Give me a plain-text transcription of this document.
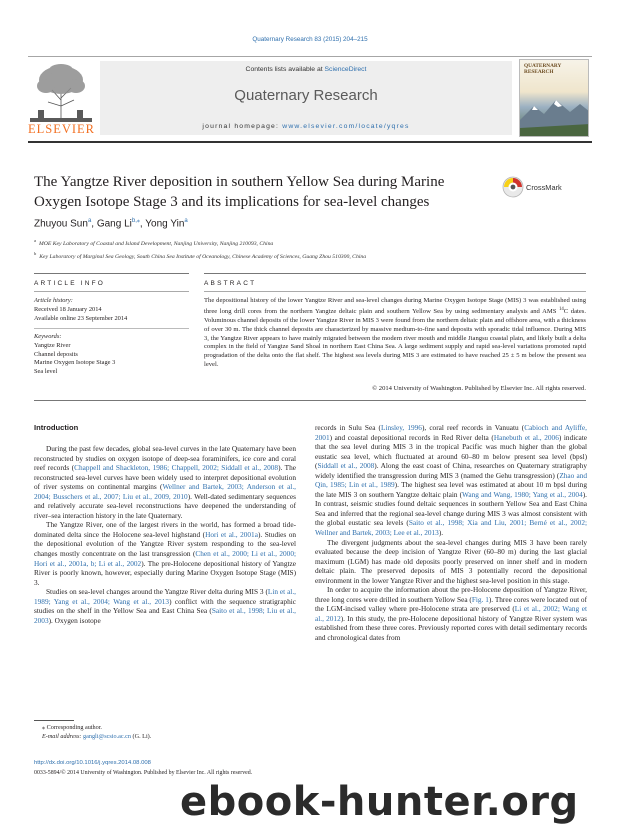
Quaternary Research 83 (2015) 204–215
ELSEVIER
Contents lists available at ScienceDirect
Quaternary Research
journal homepage: www.elsevier.com/locate/yqres
QUATERNARY RESEARCH
The Yangtze River deposition in southern Yellow Sea during Marine
Oxygen Isotope Stage 3 and its implications for sea-level changes
CrossMark
Zhuyou Sun$^a$, Gang $Li^{b,⁎}$, Yong Yin$^a$
$^a$MOE Key Laboratory of Coastal and Island Development, Nanjing University, Nanjing 210093, China
$^b$Key Laboratory of Marginal Sea Geology, South China Sea Institute of Oceanology, Chinese Academy of Sciences, Guang Zhou 510300, China
ARTICLE INFO	ABSTRACT
Article history:
Received 18 January 2014
Available online 23 September 2014
Keywords:
Yangtze River
Channel deposits
Marine Oxygen Isotope Stage 3
Sea level
The depositional history of the lower Yangtze River and sea-level changes during Marine Oxygen Isotope Stage (MIS) 3 was established using three long drill cores from the northern Yangtze deltaic plain and southern Yellow Sea by using sedimentary analysis and AMS $^{14}$C dates. Voluminous channel deposits of the lower Yangtze River in MIS 3 were found from the northern deltaic plain and offshore area, with a thickness of over 30 m. The thick channel deposits are characterized by massive medium-to-fine sand deposits with sporadic tidal influence. During MIS 3, the Yangtze River appears to have mainly migrated between the modern river mouth and middle Jiangsu coastal plain, and likely built a delta complex in the field of Yangtze Sand Shoal in northern East China Sea. A large sediment supply and rapid sea-level variations promoted rapid progradation of the delta onto the flat shelf. The highest sea levels during MIS 3 are estimated to have reached 25 ± 5 m below the present sea level.
© 2014 University of Washington. Published by Elsevier Inc. All rights reserved.
Introduction

During the past few decades, global sea-level curves in the late Quaternary have been reconstructed by studies on oxygen isotope of deep-sea foraminifers, ice core and coral reef records (Chappell and Shackleton, 1986; Chappell, 2002; Siddall et al., 2008). The reconstructed sea-level curves have been widely used to interpret depositional evolution of river systems on continental margins (Wellner and Bartek, 2003; Anderson et al., 2004; Busschers et al., 2007; Liu et al., 2009, 2010). Well-dated sedimentary sequences and relatively accurate sea-level reconstructions have deepened the understanding of river–sea interaction history in the late Quaternary.

The Yangtze River, one of the largest rivers in the world, has formed a broad tide-dominated delta since the Holocene sea-level highstand (Hori et al., 2001a). Studies on the depositional evolution of the Yangtze River system responding to the sea-level changes mostly concentrate on the last transgression (Chen et al., 2000; Li et al., 2000; Hori et al., 2001a, b; Li et al., 2002). The pre-Holocene depositional history of Yangtze River is poorly known, however, especially during Marine Oxygen Isotope Stage (MIS) 3.

Studies on sea-level changes around the Yangtze River delta during MIS 3 (Lin et al., 1989; Yang et al., 2004; Wang et al., 2013) conflict with the sequence stratigraphic studies on the shelf in the Yellow Sea and East China Sea (Saito et al., 1998; Liu et al., 2003). Oxygen isotope

records in Sulu Sea (Linsley, 1996), coral reef records in Vanuatu (Cabioch and Ayliffe, 2001) and coastal depositional records in Red River delta (Hanebuth et al., 2006) indicate that the sea level during MIS 3 in the tropical Pacific was much higher than the global eustatic sea level, which fluctuated at around 60–80 m below present sea level (bpsl) (Siddall et al., 2008). Along the east coast of China, researches on Quaternary stratigraphy widely identified the transgression during MIS 3 (named the Gehu transgression) (Zhao and Qin, 1985; Lin et al., 1989). The highest sea level was estimated at about 10 m bpsl during the late MIS 3 on southern Yangtze deltaic plain (Wang and Wang, 1980; Yang et al., 2004). In contrast, seismic studies found deltaic sequences in southern Yellow Sea and East China Sea and inferred that the regional sea-level change during MIS 3 was almost consistent with the global eustatic sea levels (Saito et al., 1998; Xia and Liu, 2001; Berné et al., 2002; Wellner and Bartek, 2003; Lee et al., 2013).

The divergent judgments about the sea-level changes during MIS 3 have been rarely evaluated because the deep incision of Yangtze River (60–80 m) during the last glacial maximum (LGM) has made old deposits poorly preserved on inner shelf and in modern deltaic plain. The preserved deposits of MIS 3 potentially record the depositional environment in the lower Yangtze River and the highest sea-level position in this stage.

In order to acquire the information about the pre-Holocene deposition of Yangtze River, three long cores were drilled in southern Yellow Sea (Fig. 1). Three cores were located out of the LGM-incised valley where pre-Holocene strata are preserved (Li et al., 2002; Wang et al., 2012). In this study, the pre-Holocene depositional history of Yangtze River system was established from these three cores. Previously reported cores with detail sedimentary records and chronological dates from

⁎ Corresponding author.
E-mail address: gangli@scsio.ac.cn (G. Li).
http://dx.doi.org/10.1016/j.yqres.2014.08.008
0033-5894/© 2014 University of Washington. Published by Elsevier Inc. All rights reserved.
ebook-hunter.org
